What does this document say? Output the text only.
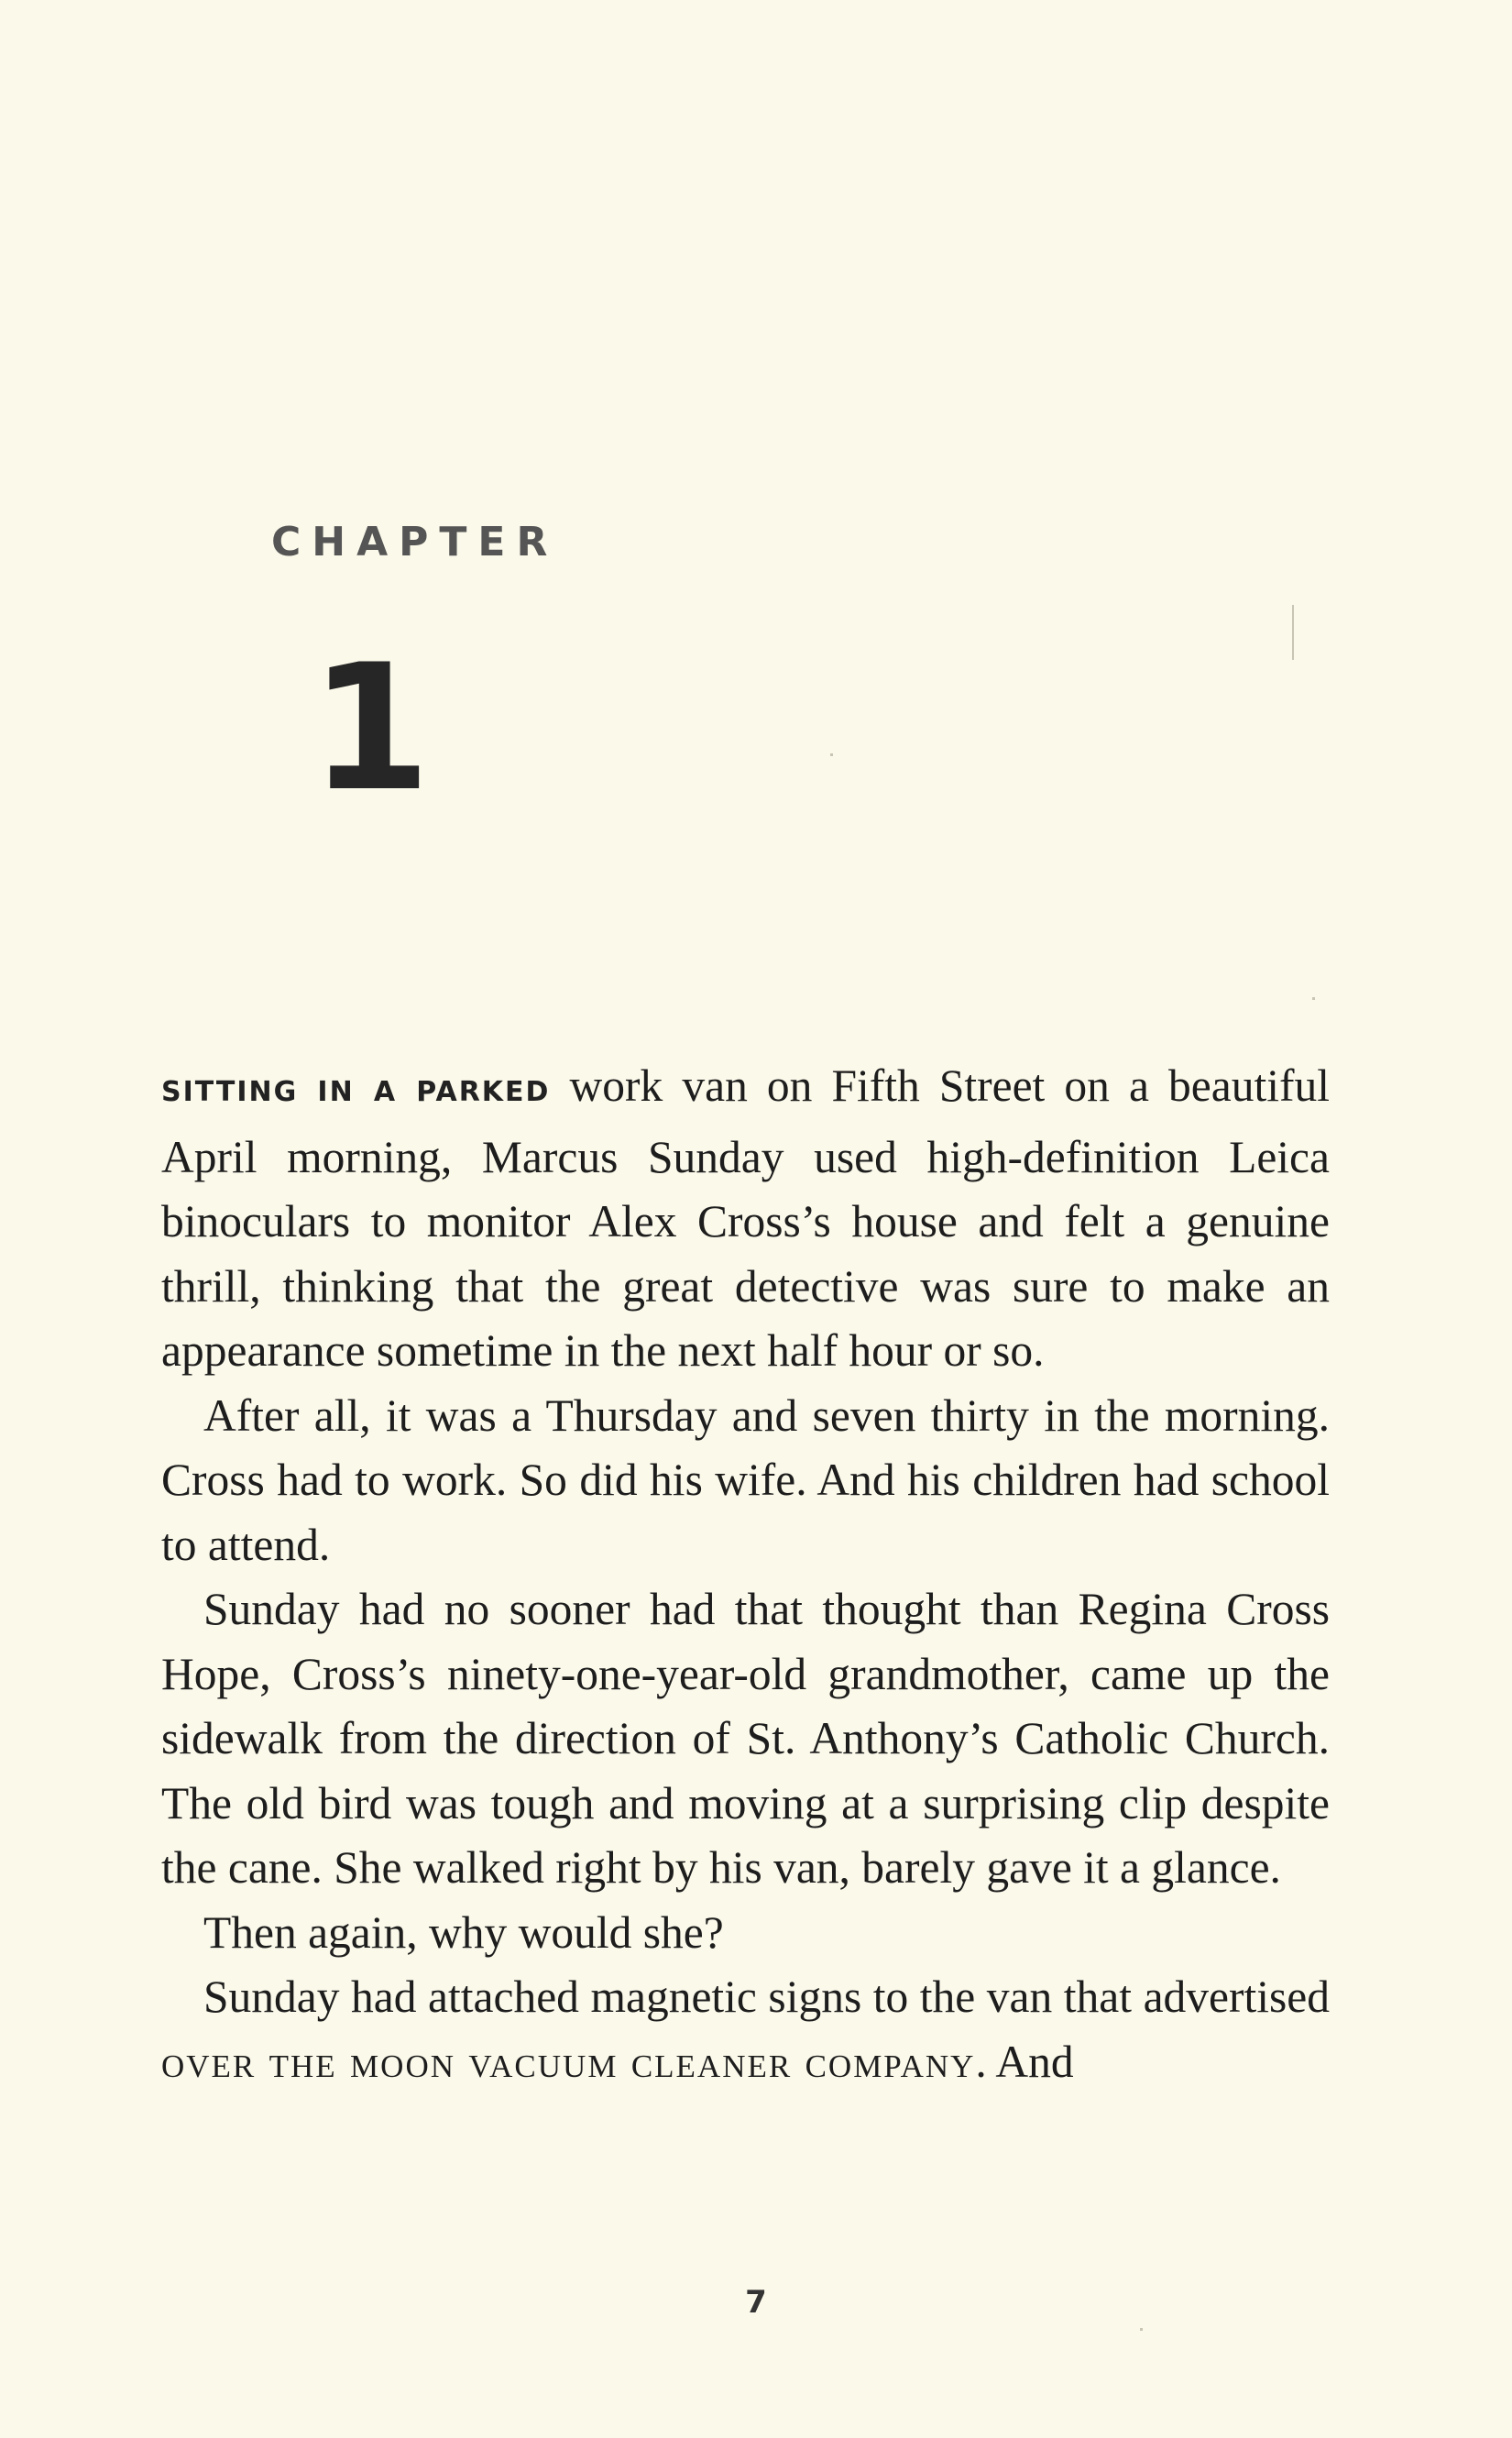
CHAPTER
1

SITTING IN A PARKED work van on Fifth Street on a beautiful April morning, Marcus Sunday used high-definition Leica binoculars to monitor Alex Cross’s house and felt a genuine thrill, thinking that the great detective was sure to make an appearance sometime in the next half hour or so.

After all, it was a Thursday and seven thirty in the morning. Cross had to work. So did his wife. And his children had school to attend.

Sunday had no sooner had that thought than Regina Cross Hope, Cross’s ninety-one-year-old grandmother, came up the sidewalk from the direction of St. Anthony’s Catholic Church. The old bird was tough and moving at a surprising clip despite the cane. She walked right by his van, barely gave it a glance.

Then again, why would she?

Sunday had attached magnetic signs to the van that advertised over the moon vacuum cleaner company. And

7
